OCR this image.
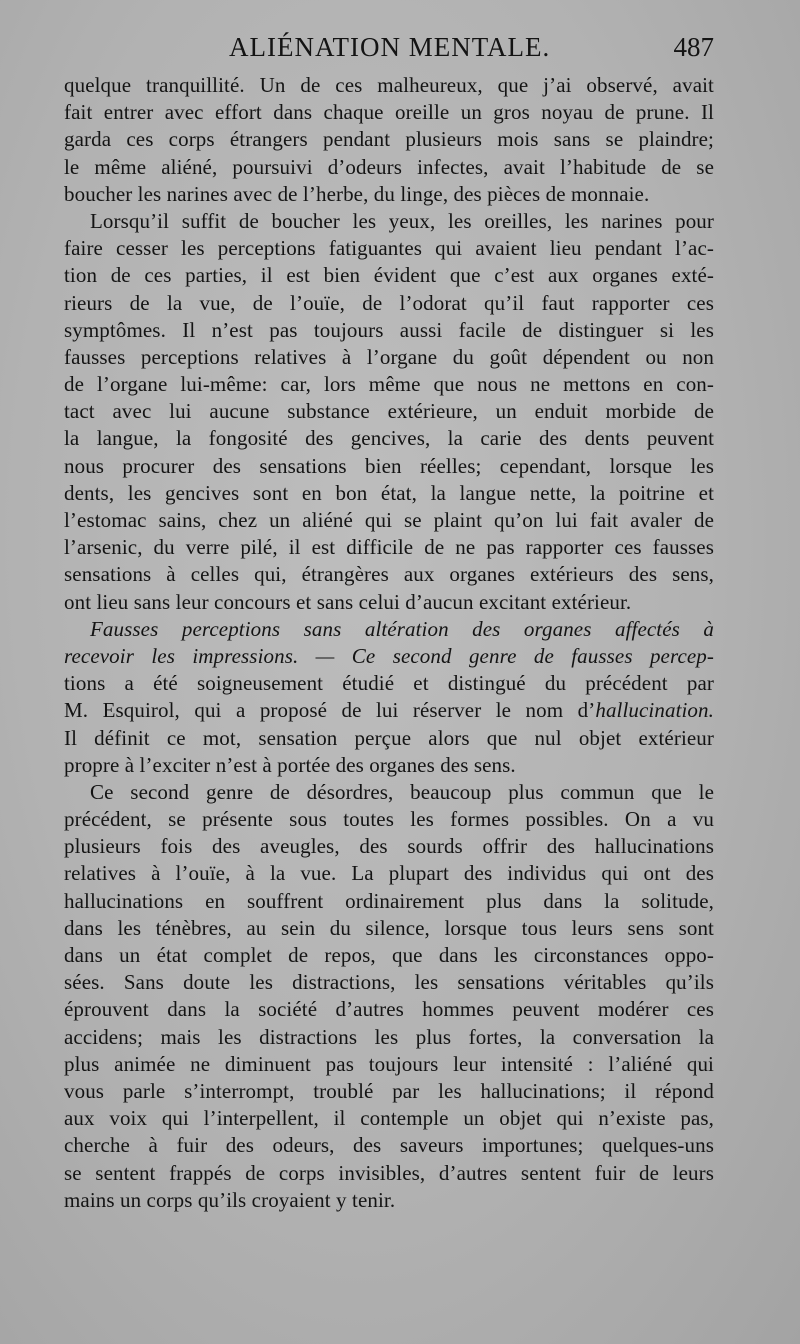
ALIÉNATION MENTALE.	487
quelque tranquillité. Un de ces malheureux, que j’ai observé, avait
fait entrer avec effort dans chaque oreille un gros noyau de prune. Il
garda ces corps étrangers pendant plusieurs mois sans se plaindre;
le même aliéné, poursuivi d’odeurs infectes, avait l’habitude de se
boucher les narines avec de l’herbe, du linge, des pièces de monnaie.
Lorsqu’il suffit de boucher les yeux, les oreilles, les narines pour
faire cesser les perceptions fatiguantes qui avaient lieu pendant l’ac-
tion de ces parties, il est bien évident que c’est aux organes exté-
rieurs de la vue, de l’ouïe, de l’odorat qu’il faut rapporter ces
symptômes. Il n’est pas toujours aussi facile de distinguer si les
fausses perceptions relatives à l’organe du goût dépendent ou non
de l’organe lui-même: car, lors même que nous ne mettons en con-
tact avec lui aucune substance extérieure, un enduit morbide de
la langue, la fongosité des gencives, la carie des dents peuvent
nous procurer des sensations bien réelles; cependant, lorsque les
dents, les gencives sont en bon état, la langue nette, la poitrine et
l’estomac sains, chez un aliéné qui se plaint qu’on lui fait avaler de
l’arsenic, du verre pilé, il est difficile de ne pas rapporter ces fausses
sensations à celles qui, étrangères aux organes extérieurs des sens,
ont lieu sans leur concours et sans celui d’aucun excitant extérieur.
Fausses perceptions sans altération des organes affectés à
recevoir les impressions. — Ce second genre de fausses percep-
tions a été soigneusement étudié et distingué du précédent par
M. Esquirol, qui a proposé de lui réserver le nom d’hallucination.
Il définit ce mot, sensation perçue alors que nul objet extérieur
propre à l’exciter n’est à portée des organes des sens.
Ce second genre de désordres, beaucoup plus commun que le
précédent, se présente sous toutes les formes possibles. On a vu
plusieurs fois des aveugles, des sourds offrir des hallucinations
relatives à l’ouïe, à la vue. La plupart des individus qui ont des
hallucinations en souffrent ordinairement plus dans la solitude,
dans les ténèbres, au sein du silence, lorsque tous leurs sens sont
dans un état complet de repos, que dans les circonstances oppo-
sées. Sans doute les distractions, les sensations véritables qu’ils
éprouvent dans la société d’autres hommes peuvent modérer ces
accidens; mais les distractions les plus fortes, la conversation la
plus animée ne diminuent pas toujours leur intensité : l’aliéné qui
vous parle s’interrompt, troublé par les hallucinations; il répond
aux voix qui l’interpellent, il contemple un objet qui n’existe pas,
cherche à fuir des odeurs, des saveurs importunes; quelques-uns
se sentent frappés de corps invisibles, d’autres sentent fuir de leurs
mains un corps qu’ils croyaient y tenir.
